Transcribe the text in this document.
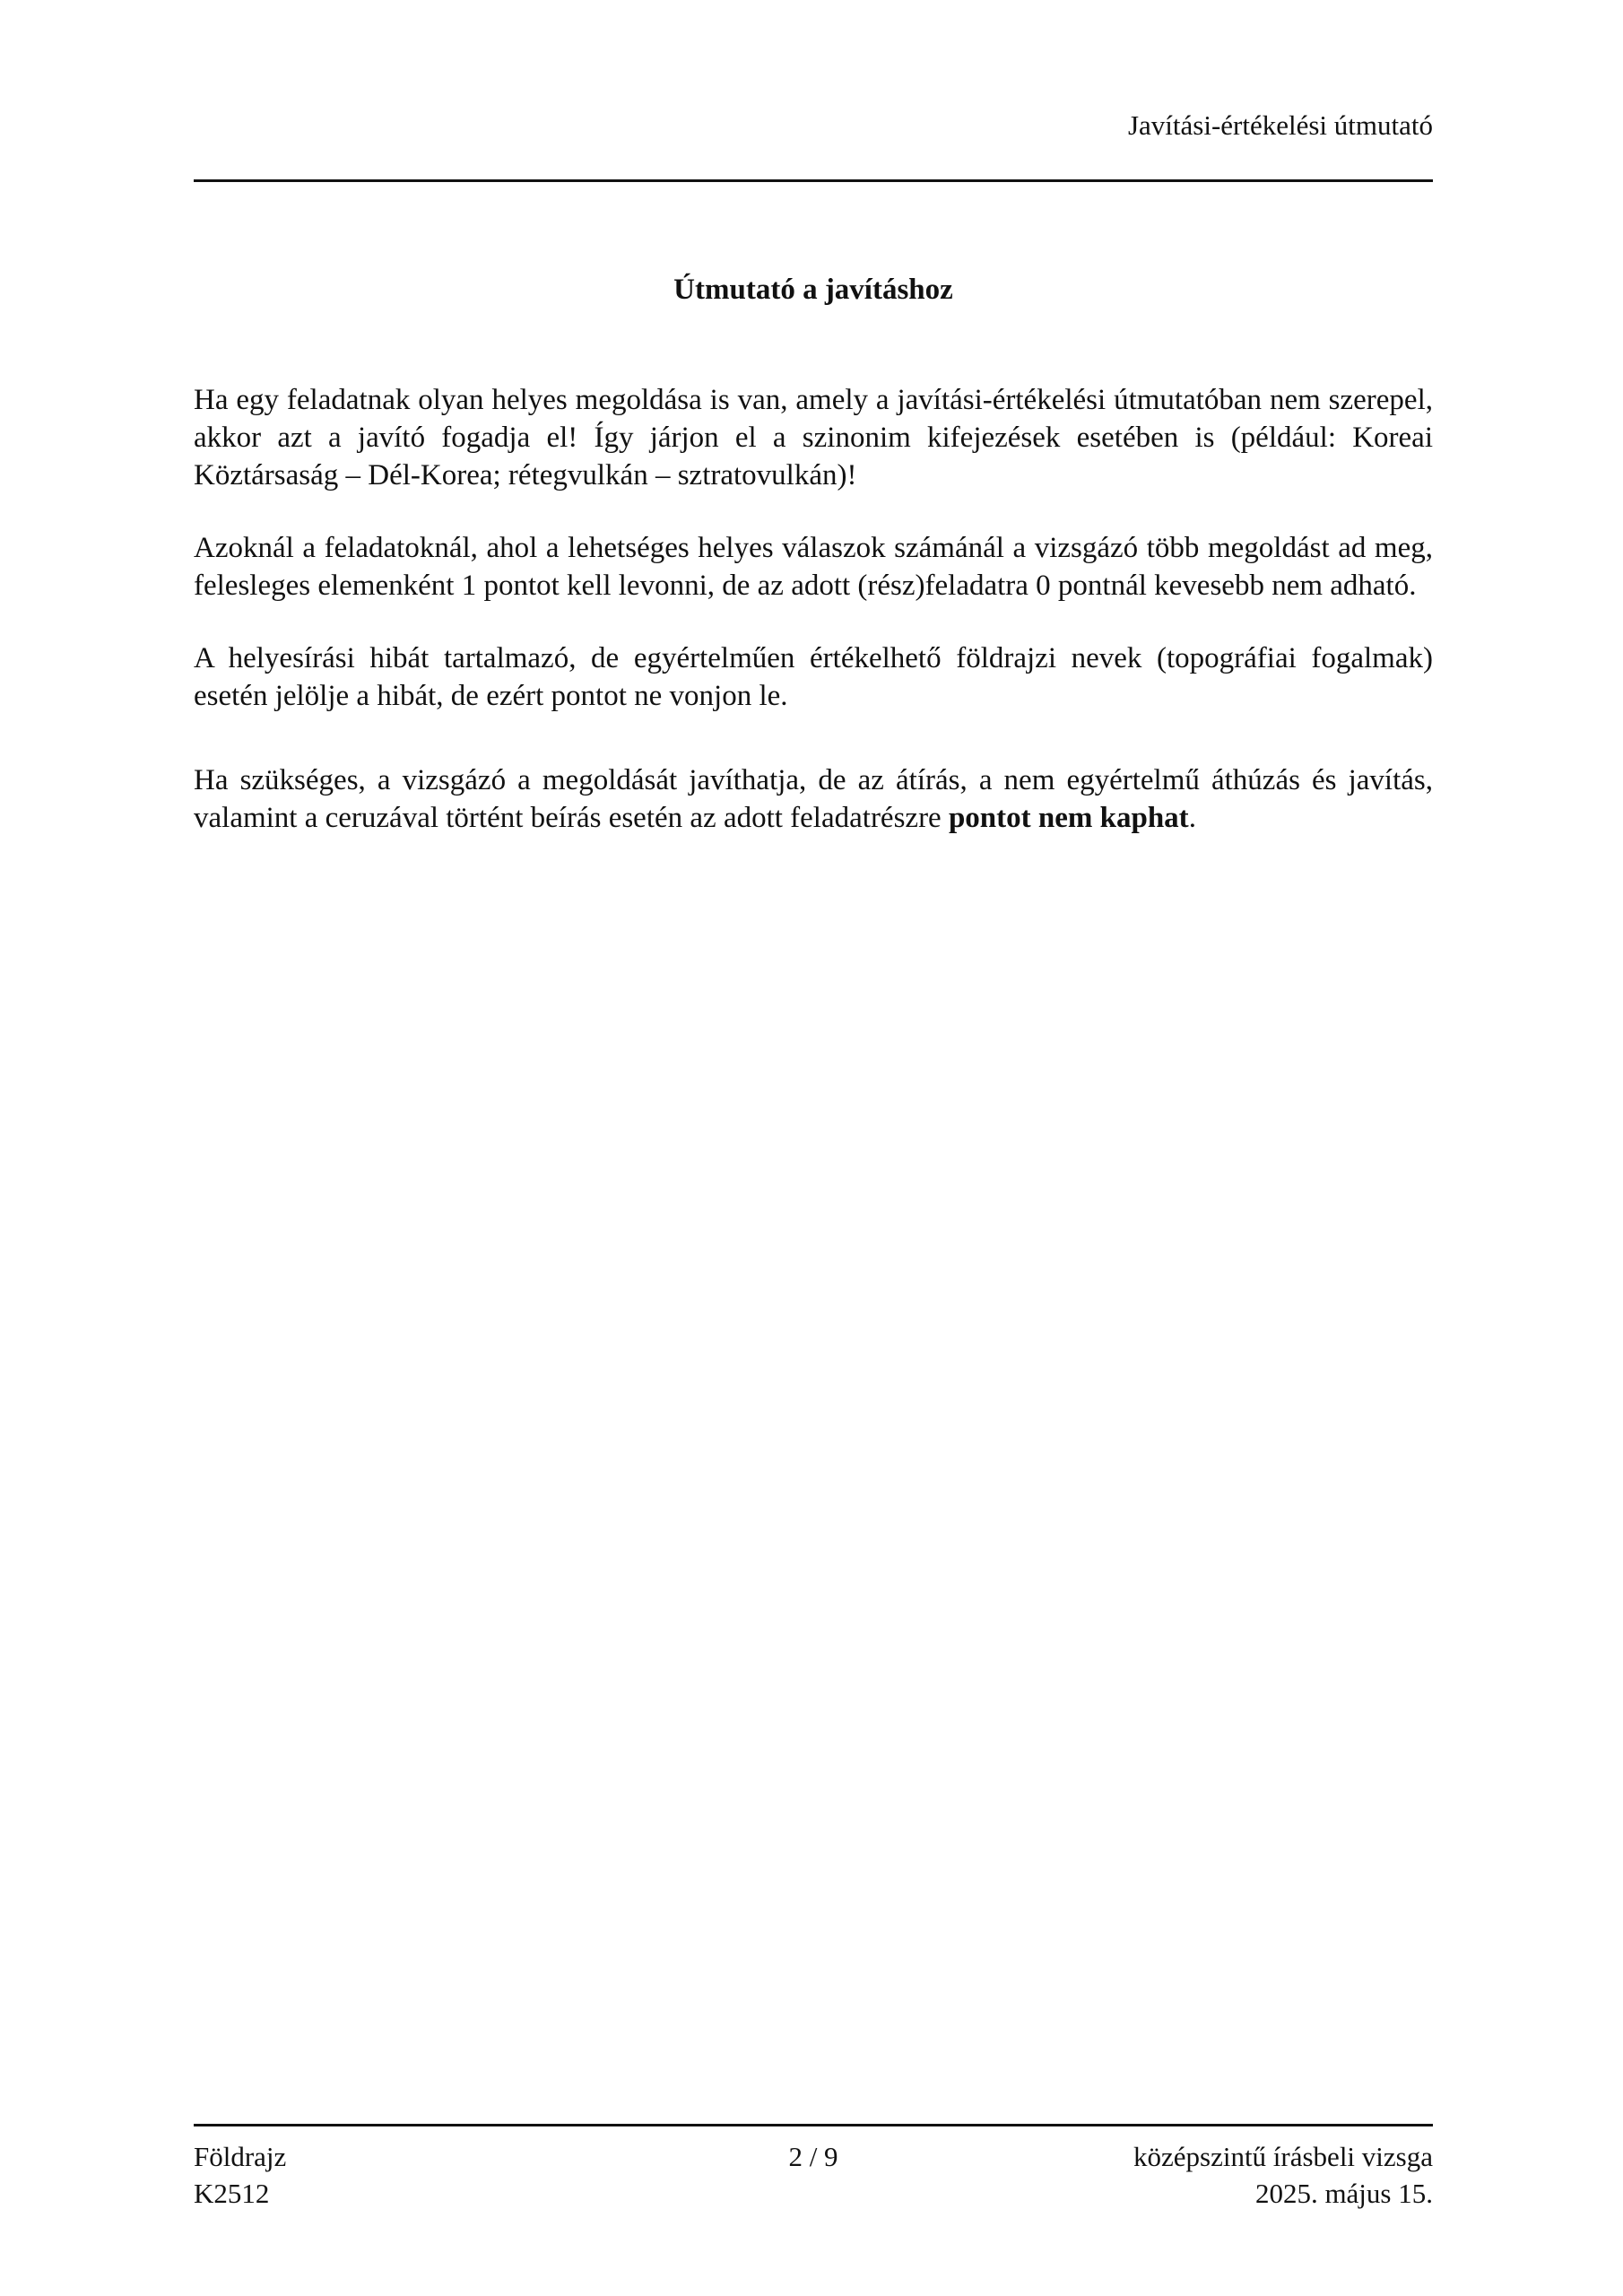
Javítási-értékelési útmutató
Útmutató a javításhoz

Ha egy feladatnak olyan helyes megoldása is van, amely a javítási-értékelési útmutatóban nem szerepel, akkor azt a javító fogadja el! Így járjon el a szinonim kifejezések esetében is (például: Koreai Köztársaság – Dél-Korea; rétegvulkán – sztratovulkán)!

Azoknál a feladatoknál, ahol a lehetséges helyes válaszok számánál a vizsgázó több megoldást ad meg, felesleges elemenként 1 pontot kell levonni, de az adott (rész)feladatra 0 pontnál kevesebb nem adható.

A helyesírási hibát tartalmazó, de egyértelműen értékelhető földrajzi nevek (topográfiai fogalmak) esetén jelölje a hibát, de ezért pontot ne vonjon le.

Ha szükséges, a vizsgázó a megoldását javíthatja, de az átírás, a nem egyértelmű áthúzás és javítás, valamint a ceruzával történt beírás esetén az adott feladatrészre pontot nem kaphat.

Földrajz
K2512
2 / 9	középszintű írásbeli vizsga
2025. május 15.
